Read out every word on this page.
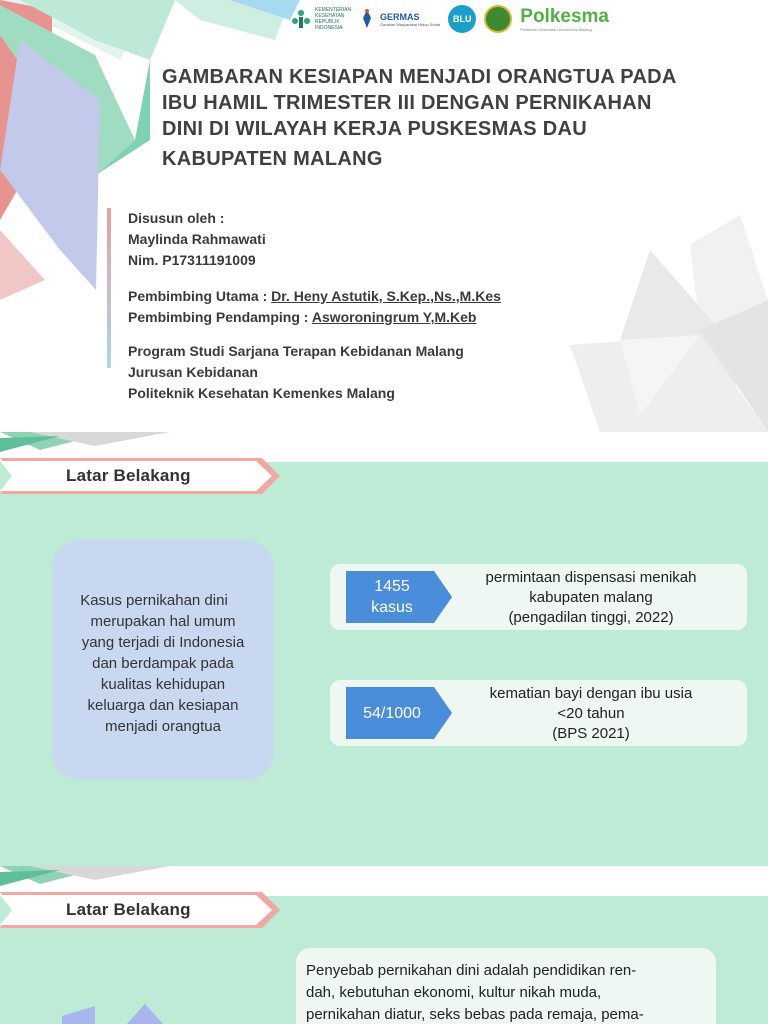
KEMENTERIAN KESEHATAN REPUBLIK INDONESIA
GERMAS
Gerakan Masyarakat Hidup Sehat	BLU	Polkesma
Politeknik Kesehatan Kemenkes Malang
GAMBARAN KESIAPAN MENJADI ORANGTUA PADA
IBU HAMIL TRIMESTER III DENGAN PERNIKAHAN
DINI DI WILAYAH KERJA PUSKESMAS DAU
KABUPATEN MALANG
Disusun oleh :
Maylinda Rahmawati
Nim. P17311191009
Pembimbing Utama : Dr. Heny Astutik, S.Kep.,Ns.,M.Kes
Pembimbing Pendamping : Asworoningrum Y,M.Keb
Program Studi Sarjana Terapan Kebidanan Malang
Jurusan Kebidanan
Politeknik Kesehatan Kemenkes Malang
Latar Belakang
Kasus pernikahan dini
merupakan hal umum
yang terjadi di Indonesia
dan berdampak pada
kualitas kehidupan
keluarga dan kesiapan
menjadi orangtua
1455
kasus
permintaan dispensasi menikah
kabupaten malang
(pengadilan tinggi, 2022)
54/1000
kematian bayi dengan ibu usia
<20 tahun
(BPS 2021)
Latar Belakang

Penyebab pernikahan dini adalah pendidikan ren-
dah, kebutuhan ekonomi, kultur nikah muda,
pernikahan diatur, seks bebas pada remaja, pema-
